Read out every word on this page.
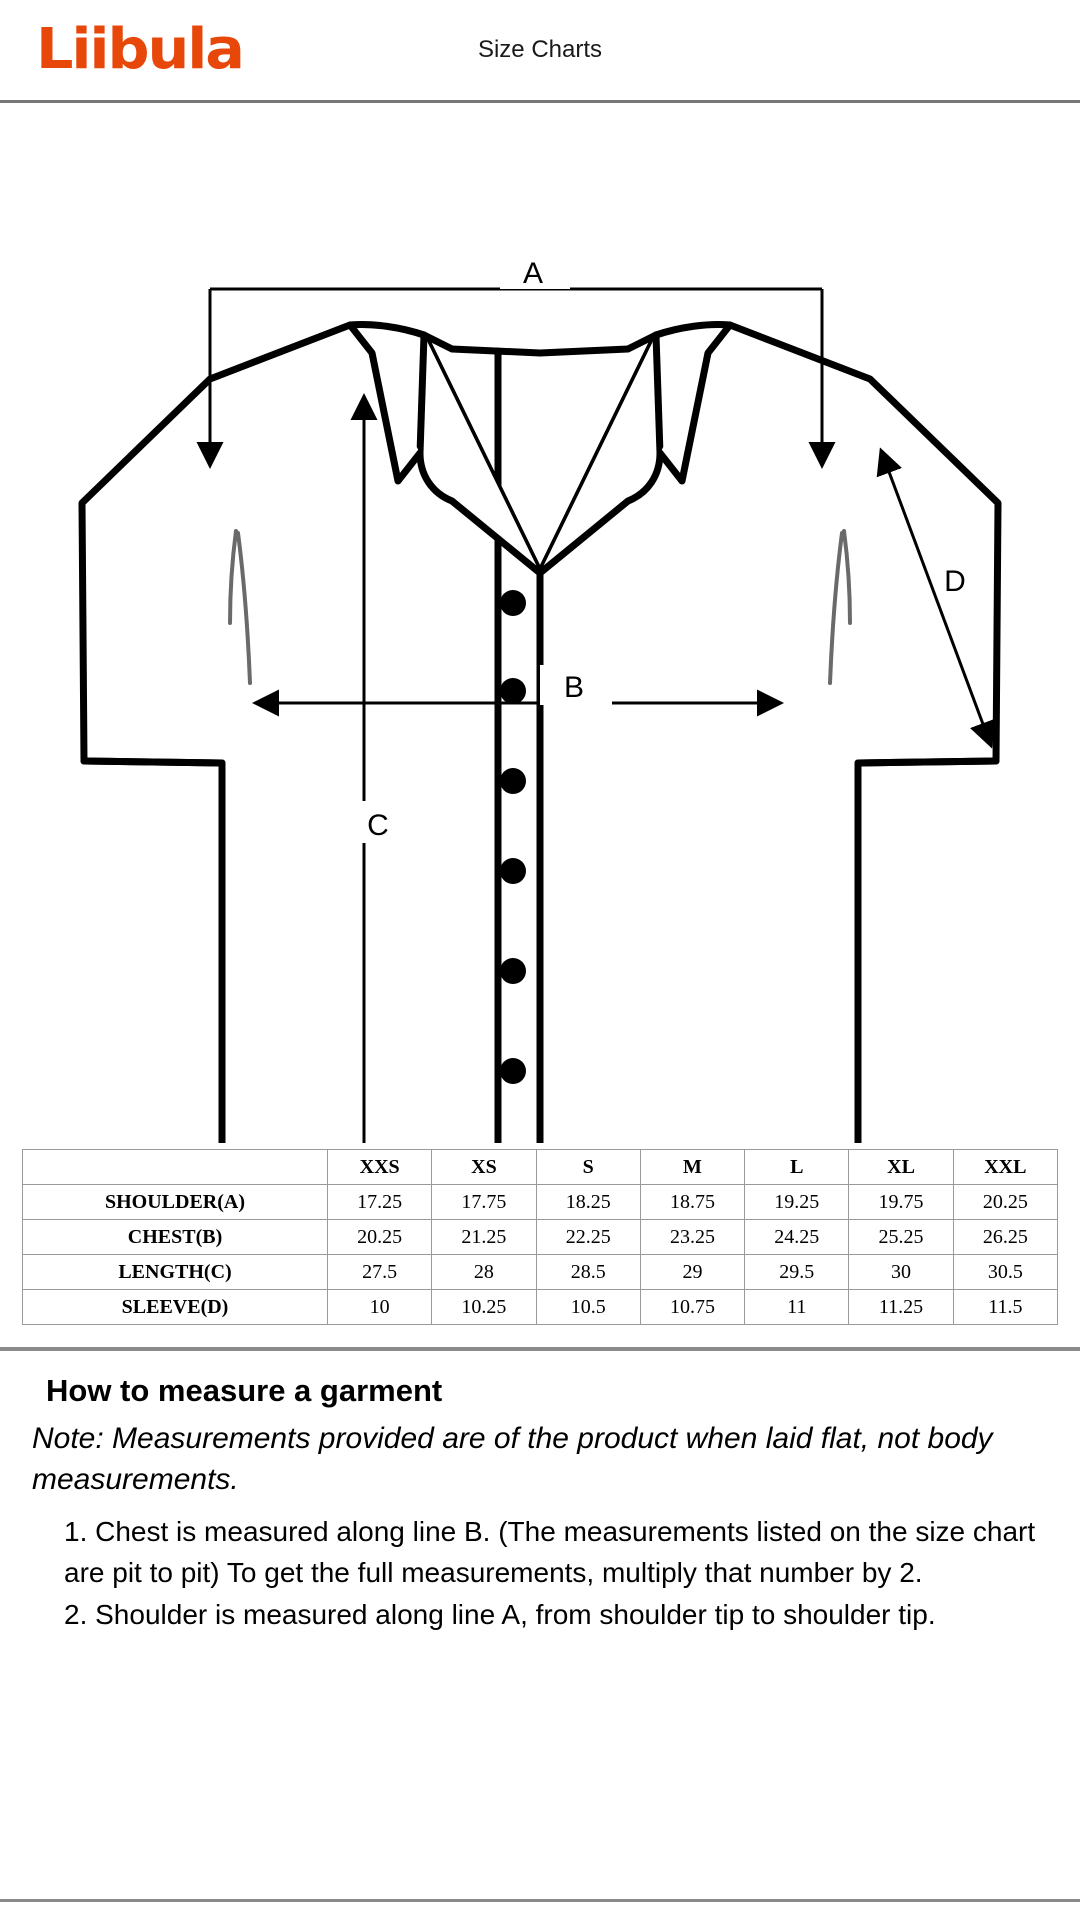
Liibula	Size Charts
A
B
C
D
	XXS	XS	S	M	L	XL	XXL
SHOULDER(A)	17.25	17.75	18.25	18.75	19.25	19.75	20.25
CHEST(B)	20.25	21.25	22.25	23.25	24.25	25.25	26.25
LENGTH(C)	27.5	28	28.5	29	29.5	30	30.5
SLEEVE(D)	10	10.25	10.5	10.75	11	11.25	11.5
How to measure a garment

Note: Measurements provided are of the product when laid flat, not body measurements.

1. Chest is measured along line B. (The measurements listed on the size chart are pit to pit) To get the full measurements, multiply that number by 2.
2. Shoulder is measured along line A, from shoulder tip to shoulder tip.
